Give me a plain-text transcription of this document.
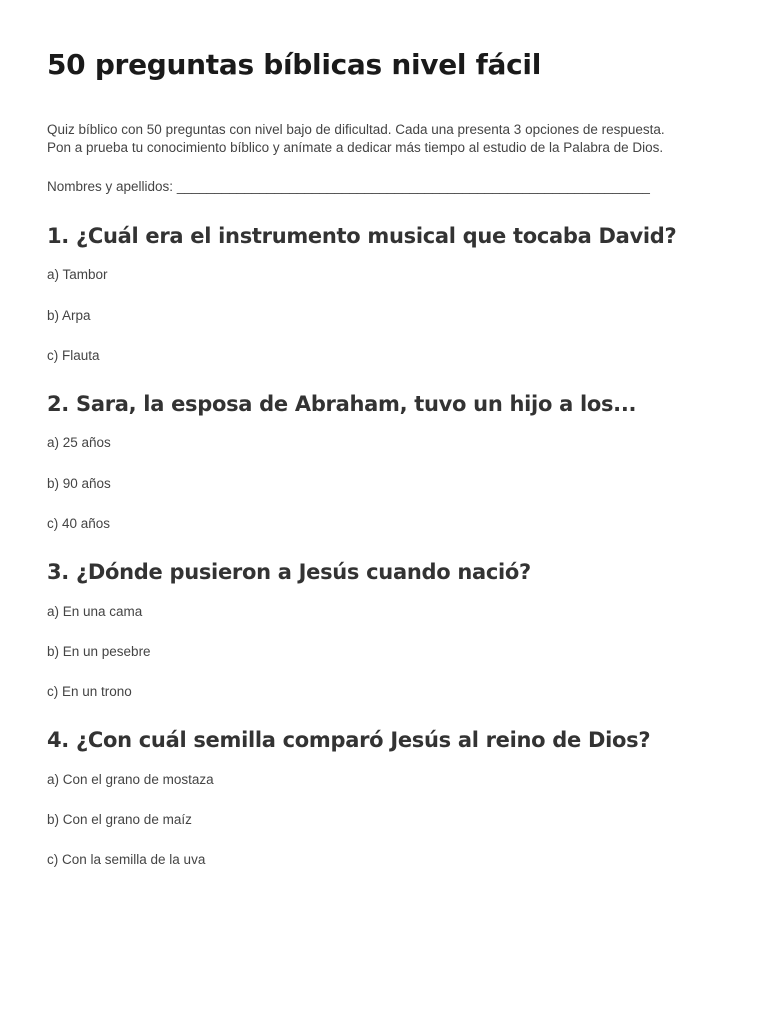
50 preguntas bíblicas nivel fácil

Quiz bíblico con 50 preguntas con nivel bajo de dificultad. Cada una presenta 3 opciones de respuesta.
Pon a prueba tu conocimiento bíblico y anímate a dedicar más tiempo al estudio de la Palabra de Dios.

Nombres y apellidos: _______________________________________________________________

1. ¿Cuál era el instrumento musical que tocaba David?

a) Tambor

b) Arpa

c) Flauta

2. Sara, la esposa de Abraham, tuvo un hijo a los...

a) 25 años

b) 90 años

c) 40 años

3. ¿Dónde pusieron a Jesús cuando nació?

a) En una cama

b) En un pesebre

c) En un trono

4. ¿Con cuál semilla comparó Jesús al reino de Dios?

a) Con el grano de mostaza

b) Con el grano de maíz

c) Con la semilla de la uva
